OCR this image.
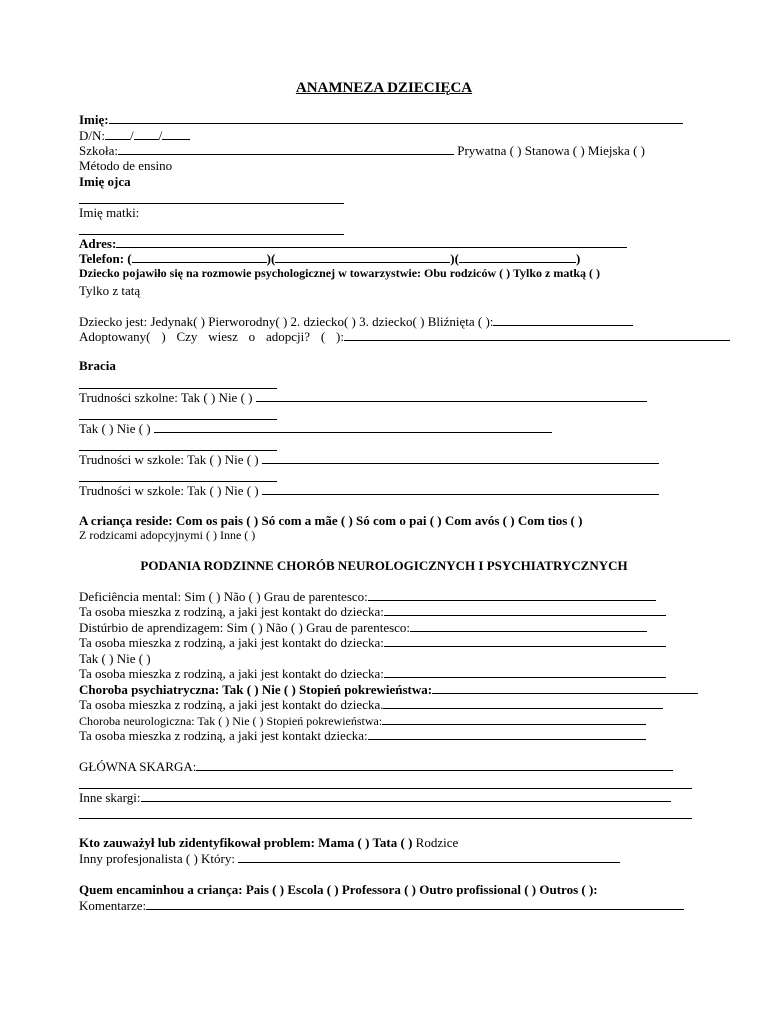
ANAMNEZA DZIECIĘCA
Imię:
D/N: / /
Szkoła:	Prywatna ( ) Stanowa ( ) Miejska ( )
Método de ensino
Imię ojca
Imię matki:
Adres:
Telefon: (	)(	)(	)
Dziecko pojawiło się na rozmowie psychologicznej w towarzystwie: Obu rodziców ( ) Tylko z matką ( )
Tylko z tatą
Dziecko jest: Jedynak( ) Pierworodny( ) 2. dziecko( ) 3. dziecko( ) Bliźnięta ( ):
Adoptowany( ) Czy wiesz o adopcji? ( ):
Bracia
Trudności szkolne: Tak ( ) Nie ( )
Tak ( ) Nie ( )
Trudności w szkole: Tak ( ) Nie ( )
Trudności w szkole: Tak ( ) Nie ( )
A criança reside: Com os pais ( ) Só com a mãe ( ) Só com o pai ( ) Com avós ( ) Com tios ( )
Z rodzicami adopcyjnymi ( ) Inne ( )
PODANIA RODZINNE CHORÓB NEUROLOGICZNYCH I PSYCHIATRYCZNYCH
Deficiência mental: Sim ( ) Não ( ) Grau de parentesco:
Ta osoba mieszka z rodziną, a jaki jest kontakt do dziecka:
Distúrbio de aprendizagem: Sim ( ) Não ( ) Grau de parentesco:
Ta osoba mieszka z rodziną, a jaki jest kontakt do dziecka:
Tak ( ) Nie ( )
Ta osoba mieszka z rodziną, a jaki jest kontakt do dziecka:
Choroba psychiatryczna: Tak ( ) Nie ( ) Stopień pokrewieństwa:
Ta osoba mieszka z rodziną, a jaki jest kontakt do dziecka.
Choroba neurologiczna: Tak ( ) Nie ( ) Stopień pokrewieństwa:
Ta osoba mieszka z rodziną, a jaki jest kontakt dziecka:
GŁÓWNA SKARGA:
Inne skargi:
Kto zauważył lub zidentyfikował problem: Mama ( ) Tata ( ) Rodzice
Inny profesjonalista ( ) Który:
Quem encaminhou a criança: Pais ( ) Escola ( ) Professora ( ) Outro profissional ( ) Outros ( ):
Komentarze:
